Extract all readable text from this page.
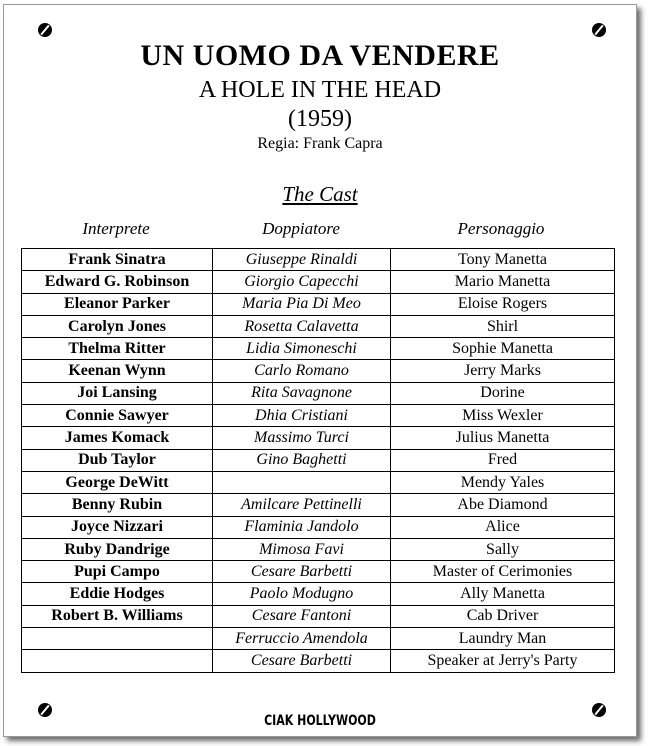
UN UOMO DA VENDERE
A HOLE IN THE HEAD
(1959)
Regia: Frank Capra
The Cast
Interprete	Doppiatore	Personaggio
Frank Sinatra	Giuseppe Rinaldi	Tony Manetta
Edward G. Robinson	Giorgio Capecchi	Mario Manetta
Eleanor Parker	Maria Pia Di Meo	Eloise Rogers
Carolyn Jones	Rosetta Calavetta	Shirl
Thelma Ritter	Lidia Simoneschi	Sophie Manetta
Keenan Wynn	Carlo Romano	Jerry Marks
Joi Lansing	Rita Savagnone	Dorine
Connie Sawyer	Dhia Cristiani	Miss Wexler
James Komack	Massimo Turci	Julius Manetta
Dub Taylor	Gino Baghetti	Fred
George DeWitt		Mendy Yales
Benny Rubin	Amilcare Pettinelli	Abe Diamond
Joyce Nizzari	Flaminia Jandolo	Alice
Ruby Dandrige	Mimosa Favi	Sally
Pupi Campo	Cesare Barbetti	Master of Cerimonies
Eddie Hodges	Paolo Modugno	Ally Manetta
Robert B. Williams	Cesare Fantoni	Cab Driver
	Ferruccio Amendola	Laundry Man
	Cesare Barbetti	Speaker at Jerry's Party
CIAK HOLLYWOOD
